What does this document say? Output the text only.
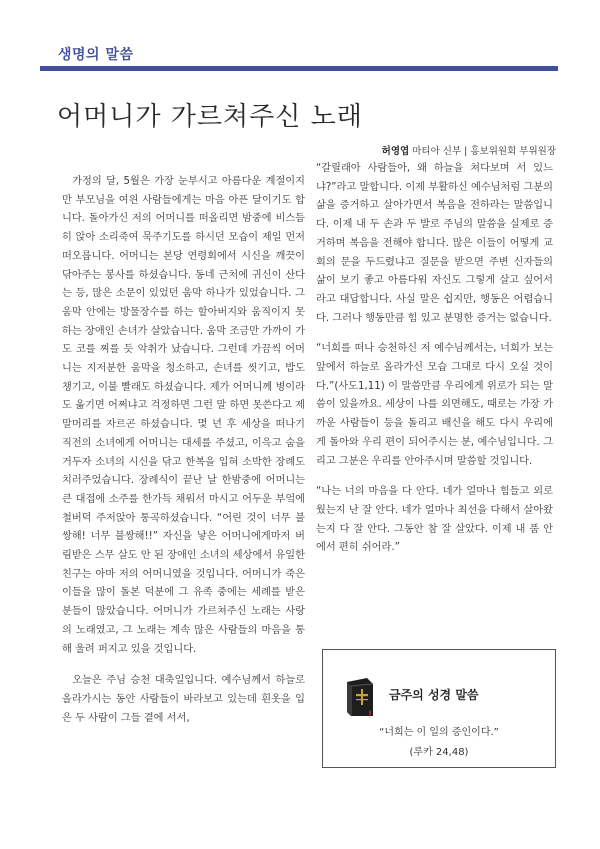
생명의 말씀
어머니가 가르쳐주신 노래
허영엽 마티아 신부 | 홍보위원회 부위원장

가정의 달, 5월은 가장 눈부시고 아름다운 계절이지만 부모님을 여읜 사람들에게는 마음 아픈 달이기도 합니다. 돌아가신 저의 어머니를 떠올리면 밤중에 비스듬히 앉아 소리죽여 묵주기도를 하시던 모습이 제일 먼저 떠오릅니다. 어머니는 본당 연령회에서 시신을 깨끗이 닦아주는 봉사를 하셨습니다. 동네 근처에 귀신이 산다는 등, 많은 소문이 있었던 움막 하나가 있었습니다. 그 움막 안에는 방물장수를 하는 할아버지와 움직이지 못하는 장애인 손녀가 살았습니다. 움막 조금만 가까이 가도 코를 찌를 듯 악취가 났습니다. 그런데 가끔씩 어머니는 지저분한 움막을 청소하고, 손녀를 씻기고, 밥도 챙기고, 이불 빨래도 하셨습니다. 제가 어머니께 병이라도 옮기면 어쩌냐고 걱정하면 그런 말 하면 못쓴다고 제 말머리를 자르곤 하셨습니다. 몇 년 후 세상을 떠나기 직전의 소녀에게 어머니는 대세를 주셨고, 이윽고 숨을 거두자 소녀의 시신을 닦고 한복을 입혀 소박한 장례도 치러주었습니다. 장례식이 끝난 날 한밤중에 어머니는 큰 대접에 소주를 한가득 채워서 마시고 어두운 부엌에 철버덕 주저앉아 통곡하셨습니다. “어린 것이 너무 불쌍해! 너무 불쌍해!!” 자신을 낳은 어머니에게마저 버림받은 스무 살도 안 된 장애인 소녀의 세상에서 유일한 친구는 아마 저의 어머니였을 것입니다. 어머니가 죽은 이들을 많이 돌본 덕분에 그 유족 중에는 세례를 받은 분들이 많았습니다. 어머니가 가르쳐주신 노래는 사랑의 노래였고, 그 노래는 계속 많은 사람들의 마음을 통해 울려 퍼지고 있을 것입니다.

오늘은 주님 승천 대축일입니다. 예수님께서 하늘로 올라가시는 동안 사람들이 바라보고 있는데 흰옷을 입은 두 사람이 그들 곁에 서서,

“갈릴래아 사람들아, 왜 하늘을 쳐다보며 서 있느냐?”라고 말합니다. 이제 부활하신 예수님처럼 그분의 삶을 증거하고 살아가면서 복음을 전하라는 말씀입니다. 이제 내 두 손과 두 발로 주님의 말씀을 실제로 증거하며 복음을 전해야 합니다. 많은 이들이 어떻게 교회의 문을 두드렸냐고 질문을 받으면 주변 신자들의 삶이 보기 좋고 아름다워 자신도 그렇게 살고 싶어서라고 대답합니다. 사실 말은 쉽지만, 행동은 어렵습니다. 그러나 행동만큼 힘 있고 분명한 증거는 없습니다.

“너희를 떠나 승천하신 저 예수님께서는, 너희가 보는 앞에서 하늘로 올라가신 모습 그대로 다시 오실 것이다.”(사도1,11) 이 말씀만큼 우리에게 위로가 되는 말씀이 있을까요. 세상이 나를 외면해도, 때로는 가장 가까운 사람들이 등을 돌리고 배신을 해도 다시 우리에게 돌아와 우리 편이 되어주시는 분, 예수님입니다. 그리고 그분은 우리를 안아주시며 말씀할 것입니다.

“나는 너의 마음을 다 안다. 네가 얼마나 힘들고 외로웠는지 난 잘 안다. 네가 얼마나 최선을 다해서 살아왔는지 다 잘 안다. 그동안 참 잘 살았다. 이제 내 품 안에서 편히 쉬어라.”

금주의 성경 말씀
“너희는 이 일의 증인이다.”
(루카 24,48)
